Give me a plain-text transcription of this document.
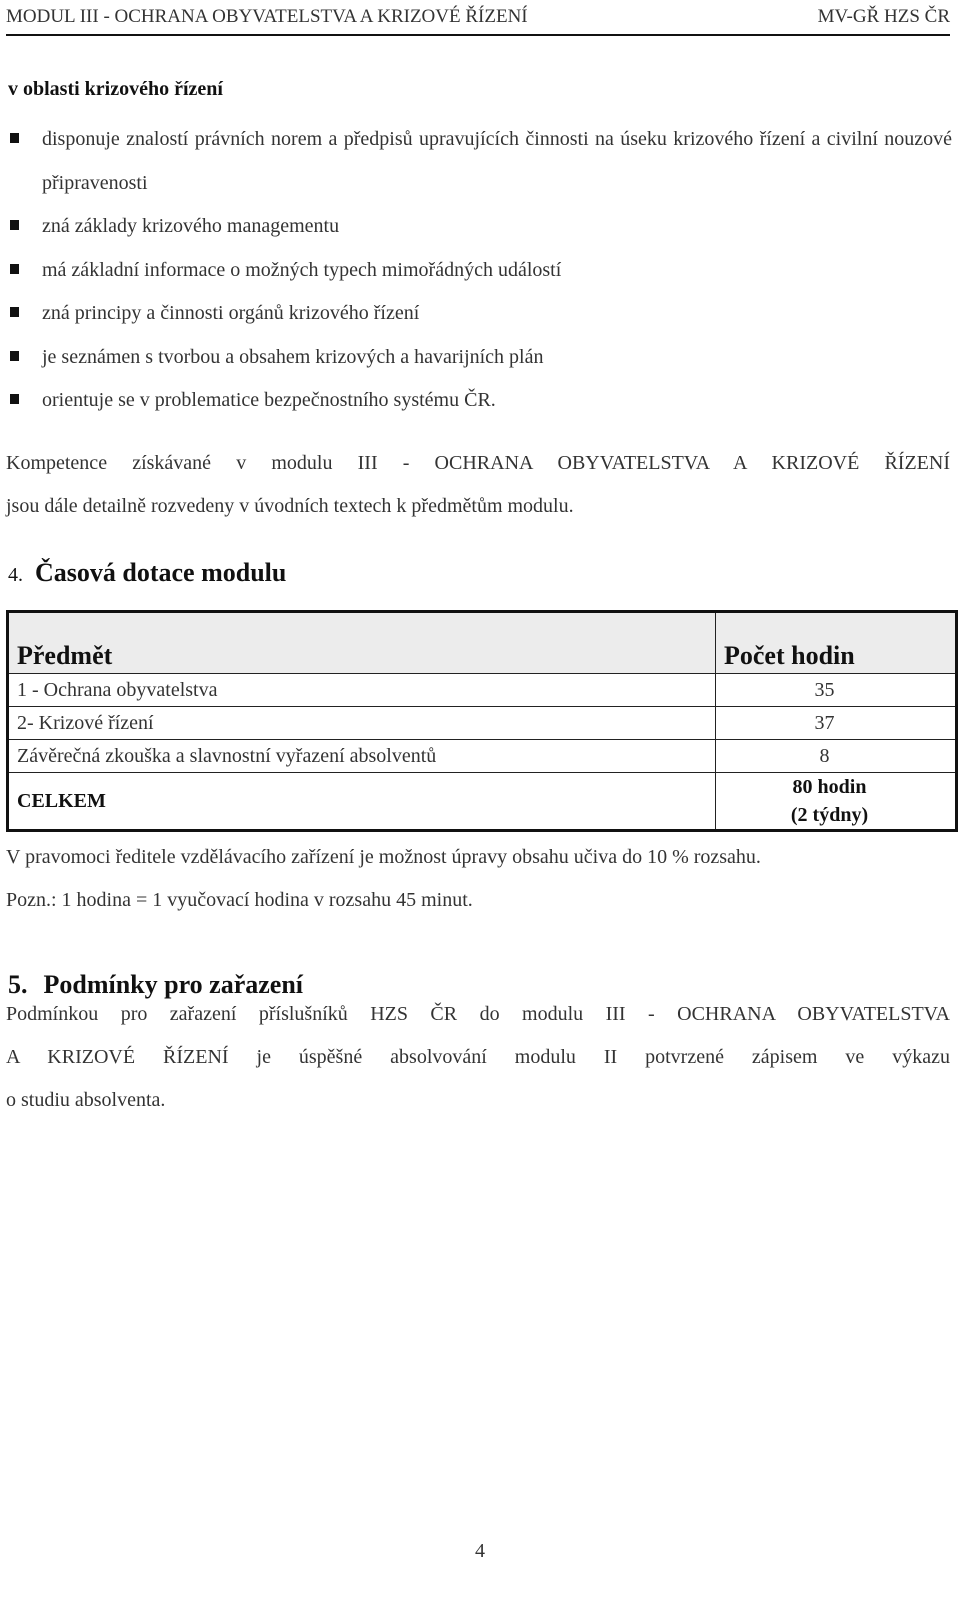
MODUL III - OCHRANA OBYVATELSTVA A KRIZOVÉ ŘÍZENÍ	MV-GŘ HZS ČR
v oblasti krizového řízení
disponuje znalostí právních norem a předpisů upravujících činnosti na úseku krizového řízení a civilní nouzové připravenosti
zná základy krizového managementu
má základní informace o možných typech mimořádných událostí
zná principy a činnosti orgánů krizového řízení
je seznámen s tvorbou a obsahem krizových a havarijních plán
orientuje se v problematice bezpečnostního systému ČR.
Kompetence získávané v modulu III - OCHRANA OBYVATELSTVA A KRIZOVÉ ŘÍZENÍ
jsou dále detailně rozvedeny v úvodních textech k předmětům modulu.
4. Časová dotace modulu
Předmět	Počet hodin
1 - Ochrana obyvatelstva	35
2- Krizové řízení	37
Závěrečná zkouška a slavnostní vyřazení absolventů	8
CELKEM	80 hodin
(2 týdny)
V pravomoci ředitele vzdělávacího zařízení je možnost úpravy obsahu učiva do 10 % rozsahu.
Pozn.: 1 hodina = 1 vyučovací hodina v rozsahu 45 minut.
5. Podmínky pro zařazení
Podmínkou pro zařazení příslušníků HZS ČR do modulu III - OCHRANA OBYVATELSTVA
A KRIZOVÉ ŘÍZENÍ je úspěšné absolvování modulu II potvrzené zápisem ve výkazu
o studiu absolventa.
4
